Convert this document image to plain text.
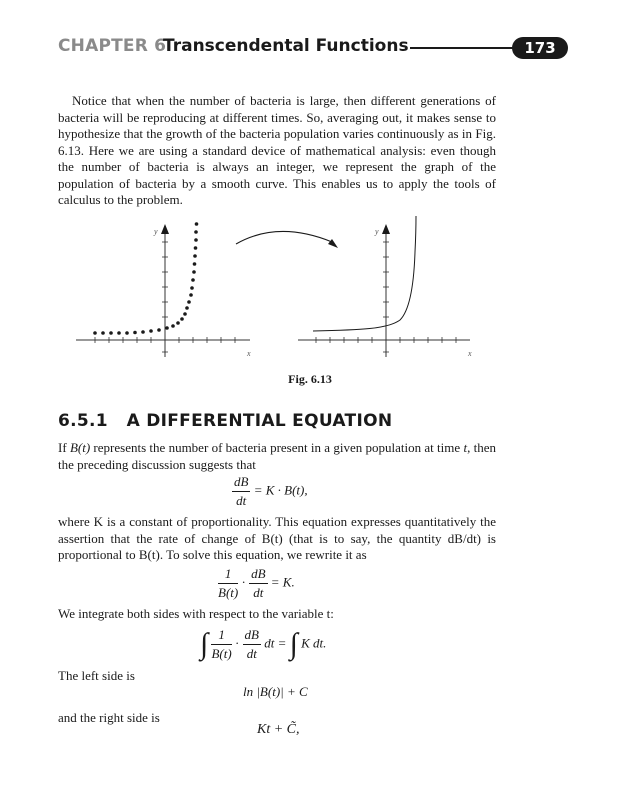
CHAPTER 6
Transcendental Functions	173
Notice that when the number of bacteria is large, then different generations of bacteria will be reproducing at different times. So, averaging out, it makes sense to hypothesize that the growth of the bacteria population varies continuously as in Fig. 6.13. Here we are using a standard device of mathematical analysis: even though the number of bacteria is always an integer, we represent the graph of the population of bacteria by a smooth curve. This enables us to apply the tools of calculus to the problem.
y
x
y
x
Fig. 6.13
6.5.1 A DIFFERENTIAL EQUATION
If B(t) represents the number of bacteria present in a given population at time t, then the preceding discussion suggests that
$\frac{dB}{dt} = K \cdot B(t)$,
where K is a constant of proportionality. This equation expresses quantitatively the assertion that the rate of change of B(t) (that is to say, the quantity dB/dt) is proportional to B(t). To solve this equation, we rewrite it as
$\frac{1}{B(t)} \cdot \frac{dB}{dt} = K$.
We integrate both sides with respect to the variable t:
∫ $\frac{1}{B(t)} \cdot \frac{dB}{dt}$ dt = ∫ K dt.
The left side is
ln |B(t)| + C
and the right side is
Kt + C̃,
